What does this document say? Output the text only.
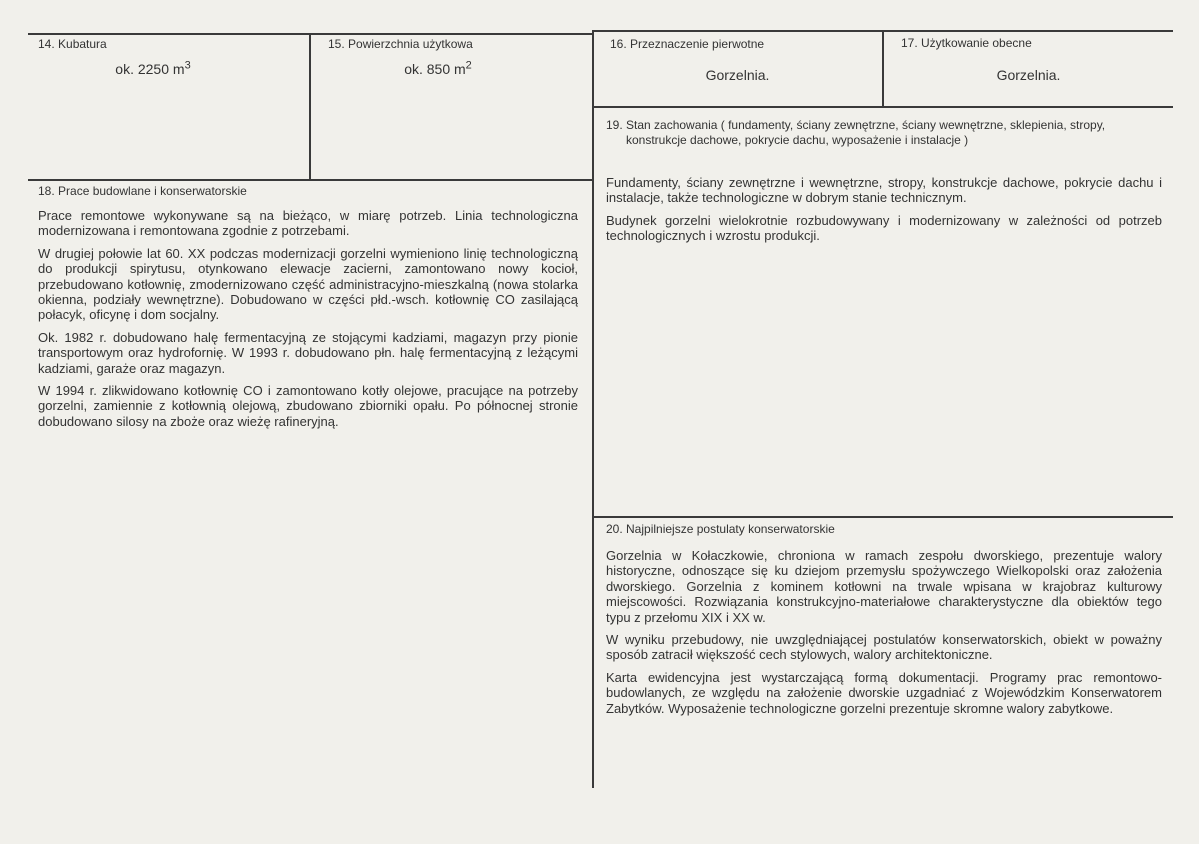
14. Kubatura
ok. 2250 $m^3$
15. Powierzchnia użytkowa
ok. 850 $m^2$
16. Przeznaczenie pierwotne
Gorzelnia.
17. Użytkowanie obecne
Gorzelnia.
18. Prace budowlane i konserwatorskie

Prace remontowe wykonywane są na bieżąco, w miarę potrzeb. Linia technologiczna modernizowana i remontowana zgodnie z potrzebami.

W drugiej połowie lat 60. XX podczas modernizacji gorzelni wymieniono linię technologiczną do produkcji spirytusu, otynkowano elewacje zacierni, zamontowano nowy kocioł, przebudowano kotłownię, zmodernizowano część administracyjno-mieszkalną (nowa stolarka okienna, podziały wewnętrzne). Dobudowano w części płd.-wsch. kotłownię CO zasilającą połacyk, oficynę i dom socjalny.

Ok. 1982 r. dobudowano halę fermentacyjną ze stojącymi kadziami, magazyn przy pionie transportowym oraz hydrofornię. W 1993 r. dobudowano płn. halę fermentacyjną z leżącymi kadziami, garaże oraz magazyn.

W 1994 r. zlikwidowano kotłownię CO i zamontowano kotły olejowe, pracujące na potrzeby gorzelni, zamiennie z kotłownią olejową, zbudowano zbiorniki opału. Po północnej stronie dobudowano silosy na zboże oraz wieżę rafineryjną.

19. Stan zachowania ( fundamenty, ściany zewnętrzne, ściany wewnętrzne, sklepienia, stropy, konstrukcje dachowe, pokrycie dachu, wyposażenie i instalacje )

Fundamenty, ściany zewnętrzne i wewnętrzne, stropy, konstrukcje dachowe, pokrycie dachu i instalacje, także technologiczne w dobrym stanie technicznym.

Budynek gorzelni wielokrotnie rozbudowywany i modernizowany w zależności od potrzeb technologicznych i wzrostu produkcji.

20. Najpilniejsze postulaty konserwatorskie

Gorzelnia w Kołaczkowie, chroniona w ramach zespołu dworskiego, prezentuje walory historyczne, odnoszące się ku dziejom przemysłu spożywczego Wielkopolski oraz założenia dworskiego. Gorzelnia z kominem kotłowni na trwale wpisana w krajobraz kulturowy miejscowości. Rozwiązania konstrukcyjno-materiałowe charakterystyczne dla obiektów tego typu z przełomu XIX i XX w.

W wyniku przebudowy, nie uwzględniającej postulatów konserwatorskich, obiekt w poważny sposób zatracił większość cech stylowych, walory architektoniczne.

Karta ewidencyjna jest wystarczającą formą dokumentacji. Programy prac remontowo-budowlanych, ze względu na założenie dworskie uzgadniać z Wojewódzkim Konserwatorem Zabytków. Wyposażenie technologiczne gorzelni prezentuje skromne walory zabytkowe.
